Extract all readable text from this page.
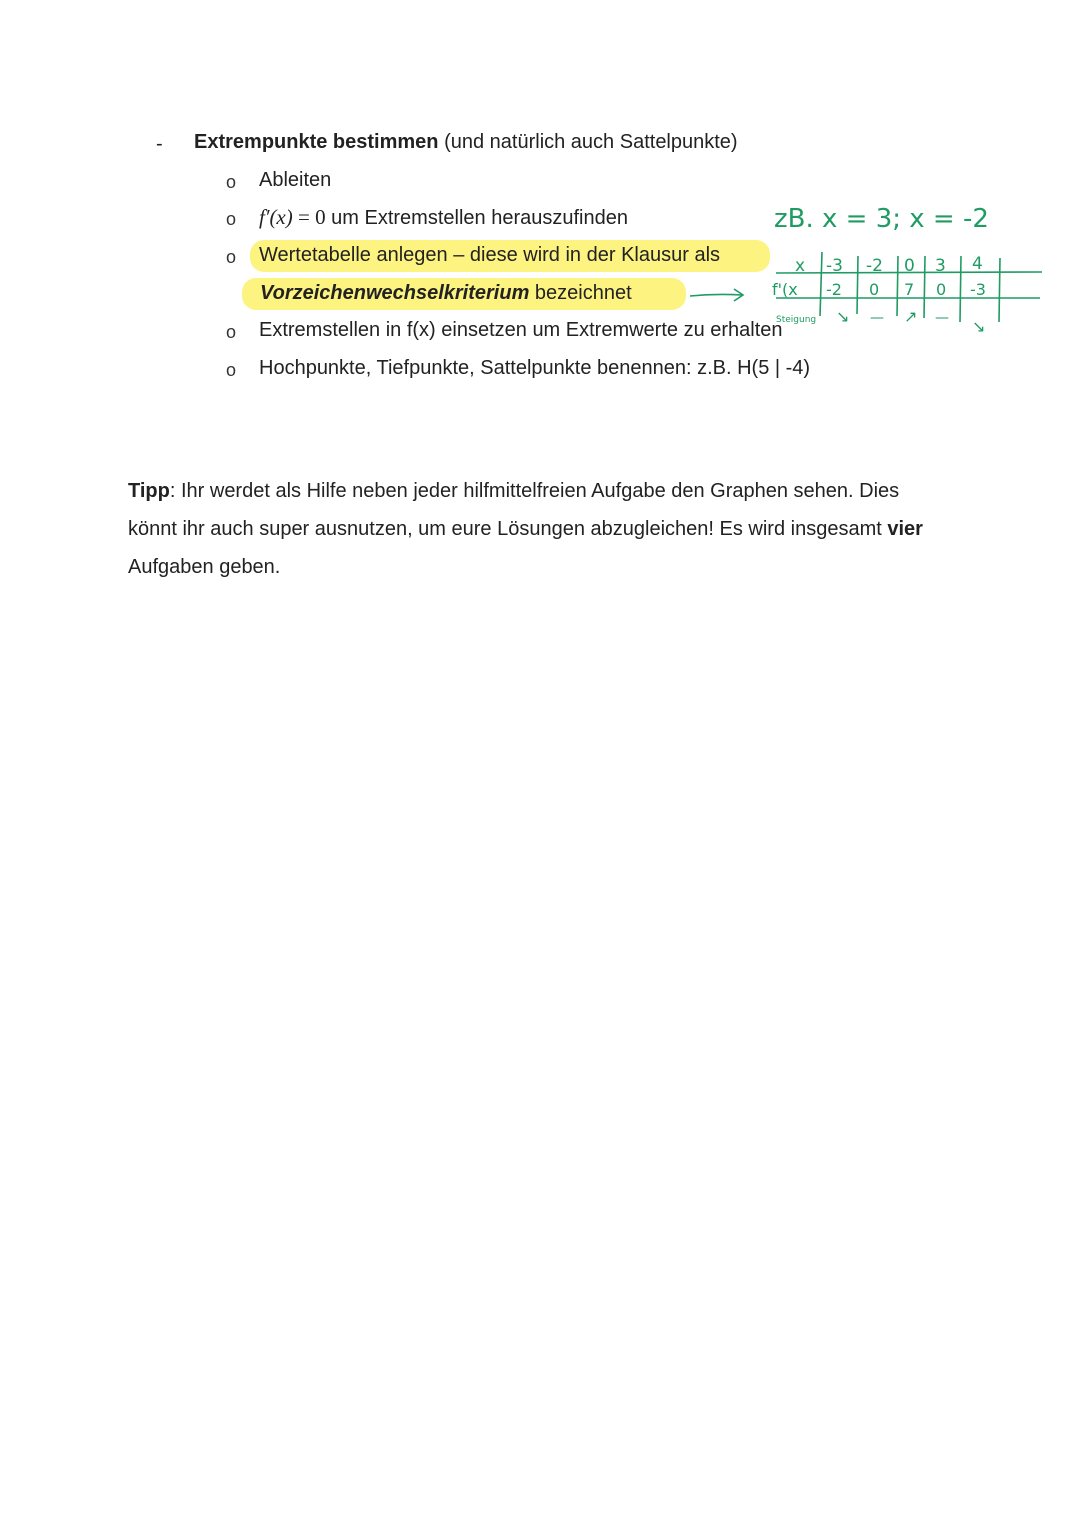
- Extrempunkte bestimmen (und natürlich auch Sattelpunkte)
o Ableiten
o f′(x) = 0 um Extremstellen herauszufinden
o Wertetabelle anlegen – diese wird in der Klausur als
Vorzeichenwechselkriterium bezeichnet
o Extremstellen in f(x) einsetzen um Extremwerte zu erhalten
o Hochpunkte, Tiefpunkte, Sattelpunkte benennen: z.B. H(5 | -4)
zB. x = 3; x = -2
x
f'(x
Steigung
-3 -2 0 3 4
-2 0 7 0 -3
↘ — ↗ — ↘
Tipp: Ihr werdet als Hilfe neben jeder hilfmittelfreien Aufgabe den Graphen sehen. Dies könnt ihr auch super ausnutzen, um eure Lösungen abzugleichen! Es wird insgesamt vier Aufgaben geben.
